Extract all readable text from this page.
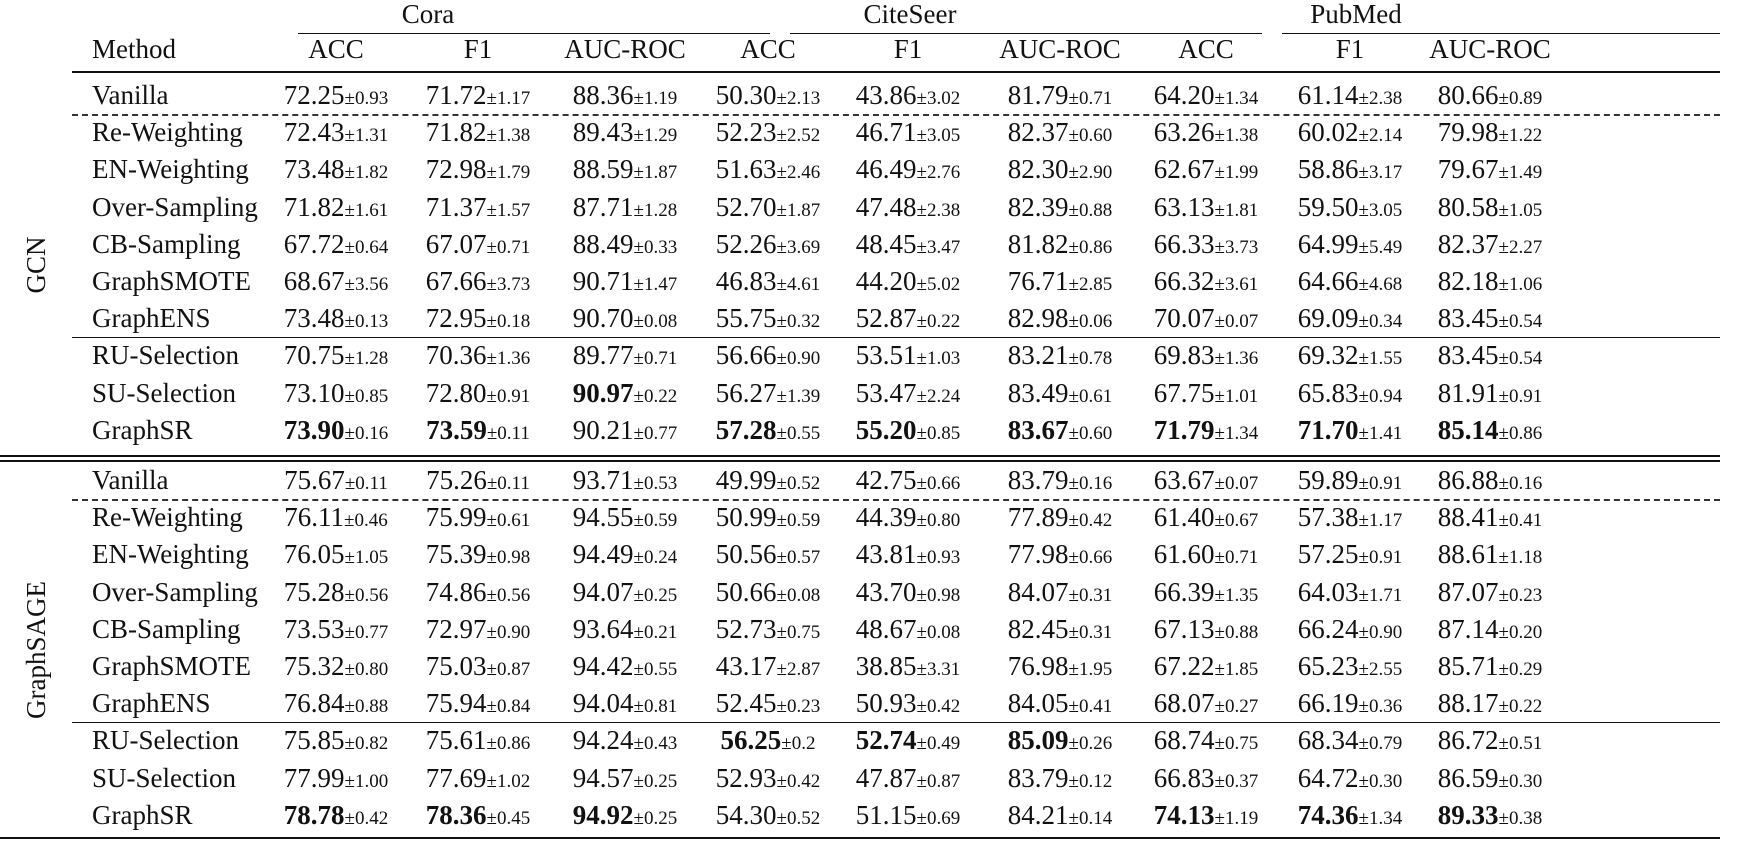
Cora	CiteSeer	PubMed
Method	ACC	F1	AUC-ROC	ACC	F1	AUC-ROC	ACC	F1	AUC-ROC
Vanilla	72.25±0.93	71.72±1.17	88.36±1.19	50.30±2.13	43.86±3.02	81.79±0.71	64.20±1.34	61.14±2.38	80.66±0.89
Re-Weighting	72.43±1.31	71.82±1.38	89.43±1.29	52.23±2.52	46.71±3.05	82.37±0.60	63.26±1.38	60.02±2.14	79.98±1.22
EN-Weighting	73.48±1.82	72.98±1.79	88.59±1.87	51.63±2.46	46.49±2.76	82.30±2.90	62.67±1.99	58.86±3.17	79.67±1.49
Over-Sampling 71.82±1.61	71.37±1.57	87.71±1.28	52.70±1.87	47.48±2.38	82.39±0.88	63.13±1.81	59.50±3.05	80.58±1.05
CB-Sampling	67.72±0.64	67.07±0.71	88.49±0.33	52.26±3.69	48.45±3.47	81.82±0.86	66.33±3.73	64.99±5.49	82.37±2.27
GraphSMOTE	68.67±3.56	67.66±3.73	90.71±1.47	46.83±4.61	44.20±5.02	76.71±2.85	66.32±3.61	64.66±4.68	82.18±1.06
GraphENS	73.48±0.13	72.95±0.18	90.70±0.08	55.75±0.32	52.87±0.22	82.98±0.06	70.07±0.07	69.09±0.34	83.45±0.54
RU-Selection	70.75±1.28	70.36±1.36	89.77±0.71	56.66±0.90	53.51±1.03	83.21±0.78	69.83±1.36	69.32±1.55	83.45±0.54
SU-Selection	73.10±0.85	72.80±0.91	90.97±0.22	56.27±1.39	53.47±2.24	83.49±0.61	67.75±1.01	65.83±0.94	81.91±0.91
GraphSR	73.90±0.16	73.59±0.11	90.21±0.77	57.28±0.55	55.20±0.85	83.67±0.60	71.79±1.34	71.70±1.41	85.14±0.86
GCN
Vanilla	75.67±0.11	75.26±0.11	93.71±0.53	49.99±0.52	42.75±0.66	83.79±0.16	63.67±0.07	59.89±0.91	86.88±0.16
Re-Weighting	76.11±0.46	75.99±0.61	94.55±0.59	50.99±0.59	44.39±0.80	77.89±0.42	61.40±0.67	57.38±1.17	88.41±0.41
EN-Weighting	76.05±1.05	75.39±0.98	94.49±0.24	50.56±0.57	43.81±0.93	77.98±0.66	61.60±0.71	57.25±0.91	88.61±1.18
Over-Sampling 75.28±0.56	74.86±0.56	94.07±0.25	50.66±0.08	43.70±0.98	84.07±0.31	66.39±1.35	64.03±1.71	87.07±0.23
CB-Sampling	73.53±0.77	72.97±0.90	93.64±0.21	52.73±0.75	48.67±0.08	82.45±0.31	67.13±0.88	66.24±0.90	87.14±0.20
GraphSMOTE	75.32±0.80	75.03±0.87	94.42±0.55	43.17±2.87	38.85±3.31	76.98±1.95	67.22±1.85	65.23±2.55	85.71±0.29
GraphENS	76.84±0.88	75.94±0.84	94.04±0.81	52.45±0.23	50.93±0.42	84.05±0.41	68.07±0.27	66.19±0.36	88.17±0.22
RU-Selection	75.85±0.82	75.61±0.86	94.24±0.43	56.25±0.2	52.74±0.49	85.09±0.26	68.74±0.75	68.34±0.79	86.72±0.51
SU-Selection	77.99±1.00	77.69±1.02	94.57±0.25	52.93±0.42	47.87±0.87	83.79±0.12	66.83±0.37	64.72±0.30	86.59±0.30
GraphSR	78.78±0.42	78.36±0.45	94.92±0.25	54.30±0.52	51.15±0.69	84.21±0.14	74.13±1.19	74.36±1.34	89.33±0.38
GraphSAGE
